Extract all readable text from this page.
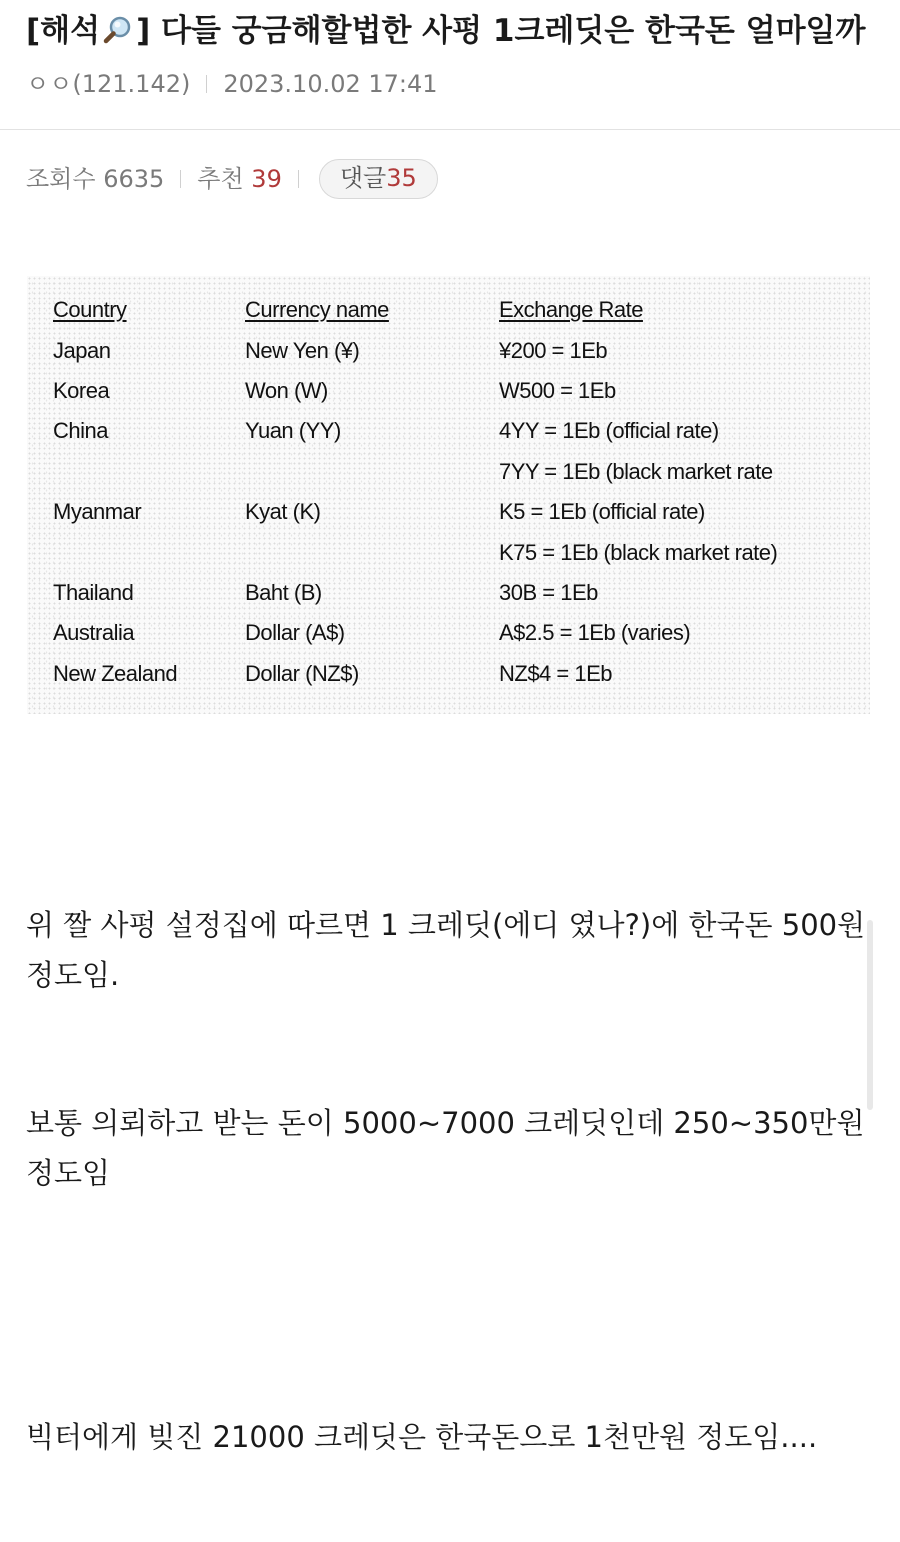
[해석 ] 다들 궁금해할법한 사펑 1크레딧은 한국돈 얼마일까
ㅇㅇ(121.142) 2023.10.02 17:41
조회수 6635 추천 39 댓글35
Country	Currency name	Exchange Rate
Japan	New Yen (¥)	¥200 = 1Eb
Korea	Won (W)	W500 = 1Eb
China	Yuan (YY)	4YY = 1Eb (official rate)
		7YY = 1Eb (black market rate
Myanmar	Kyat (K)	K5 = 1Eb (official rate)
		K75 = 1Eb (black market rate)
Thailand	Baht (B)	30B = 1Eb
Australia	Dollar (A$)	A$2.5 = 1Eb (varies)
New Zealand	Dollar (NZ$)	NZ$4 = 1Eb
위 짤 사펑 설정집에 따르면 1 크레딧(에디 였나?)에 한국돈 500원 정도임.
보통 의뢰하고 받는 돈이 5000~7000 크레딧인데 250~350만원정도임
빅터에게 빚진 21000 크레딧은 한국돈으로 1천만원 정도임....
